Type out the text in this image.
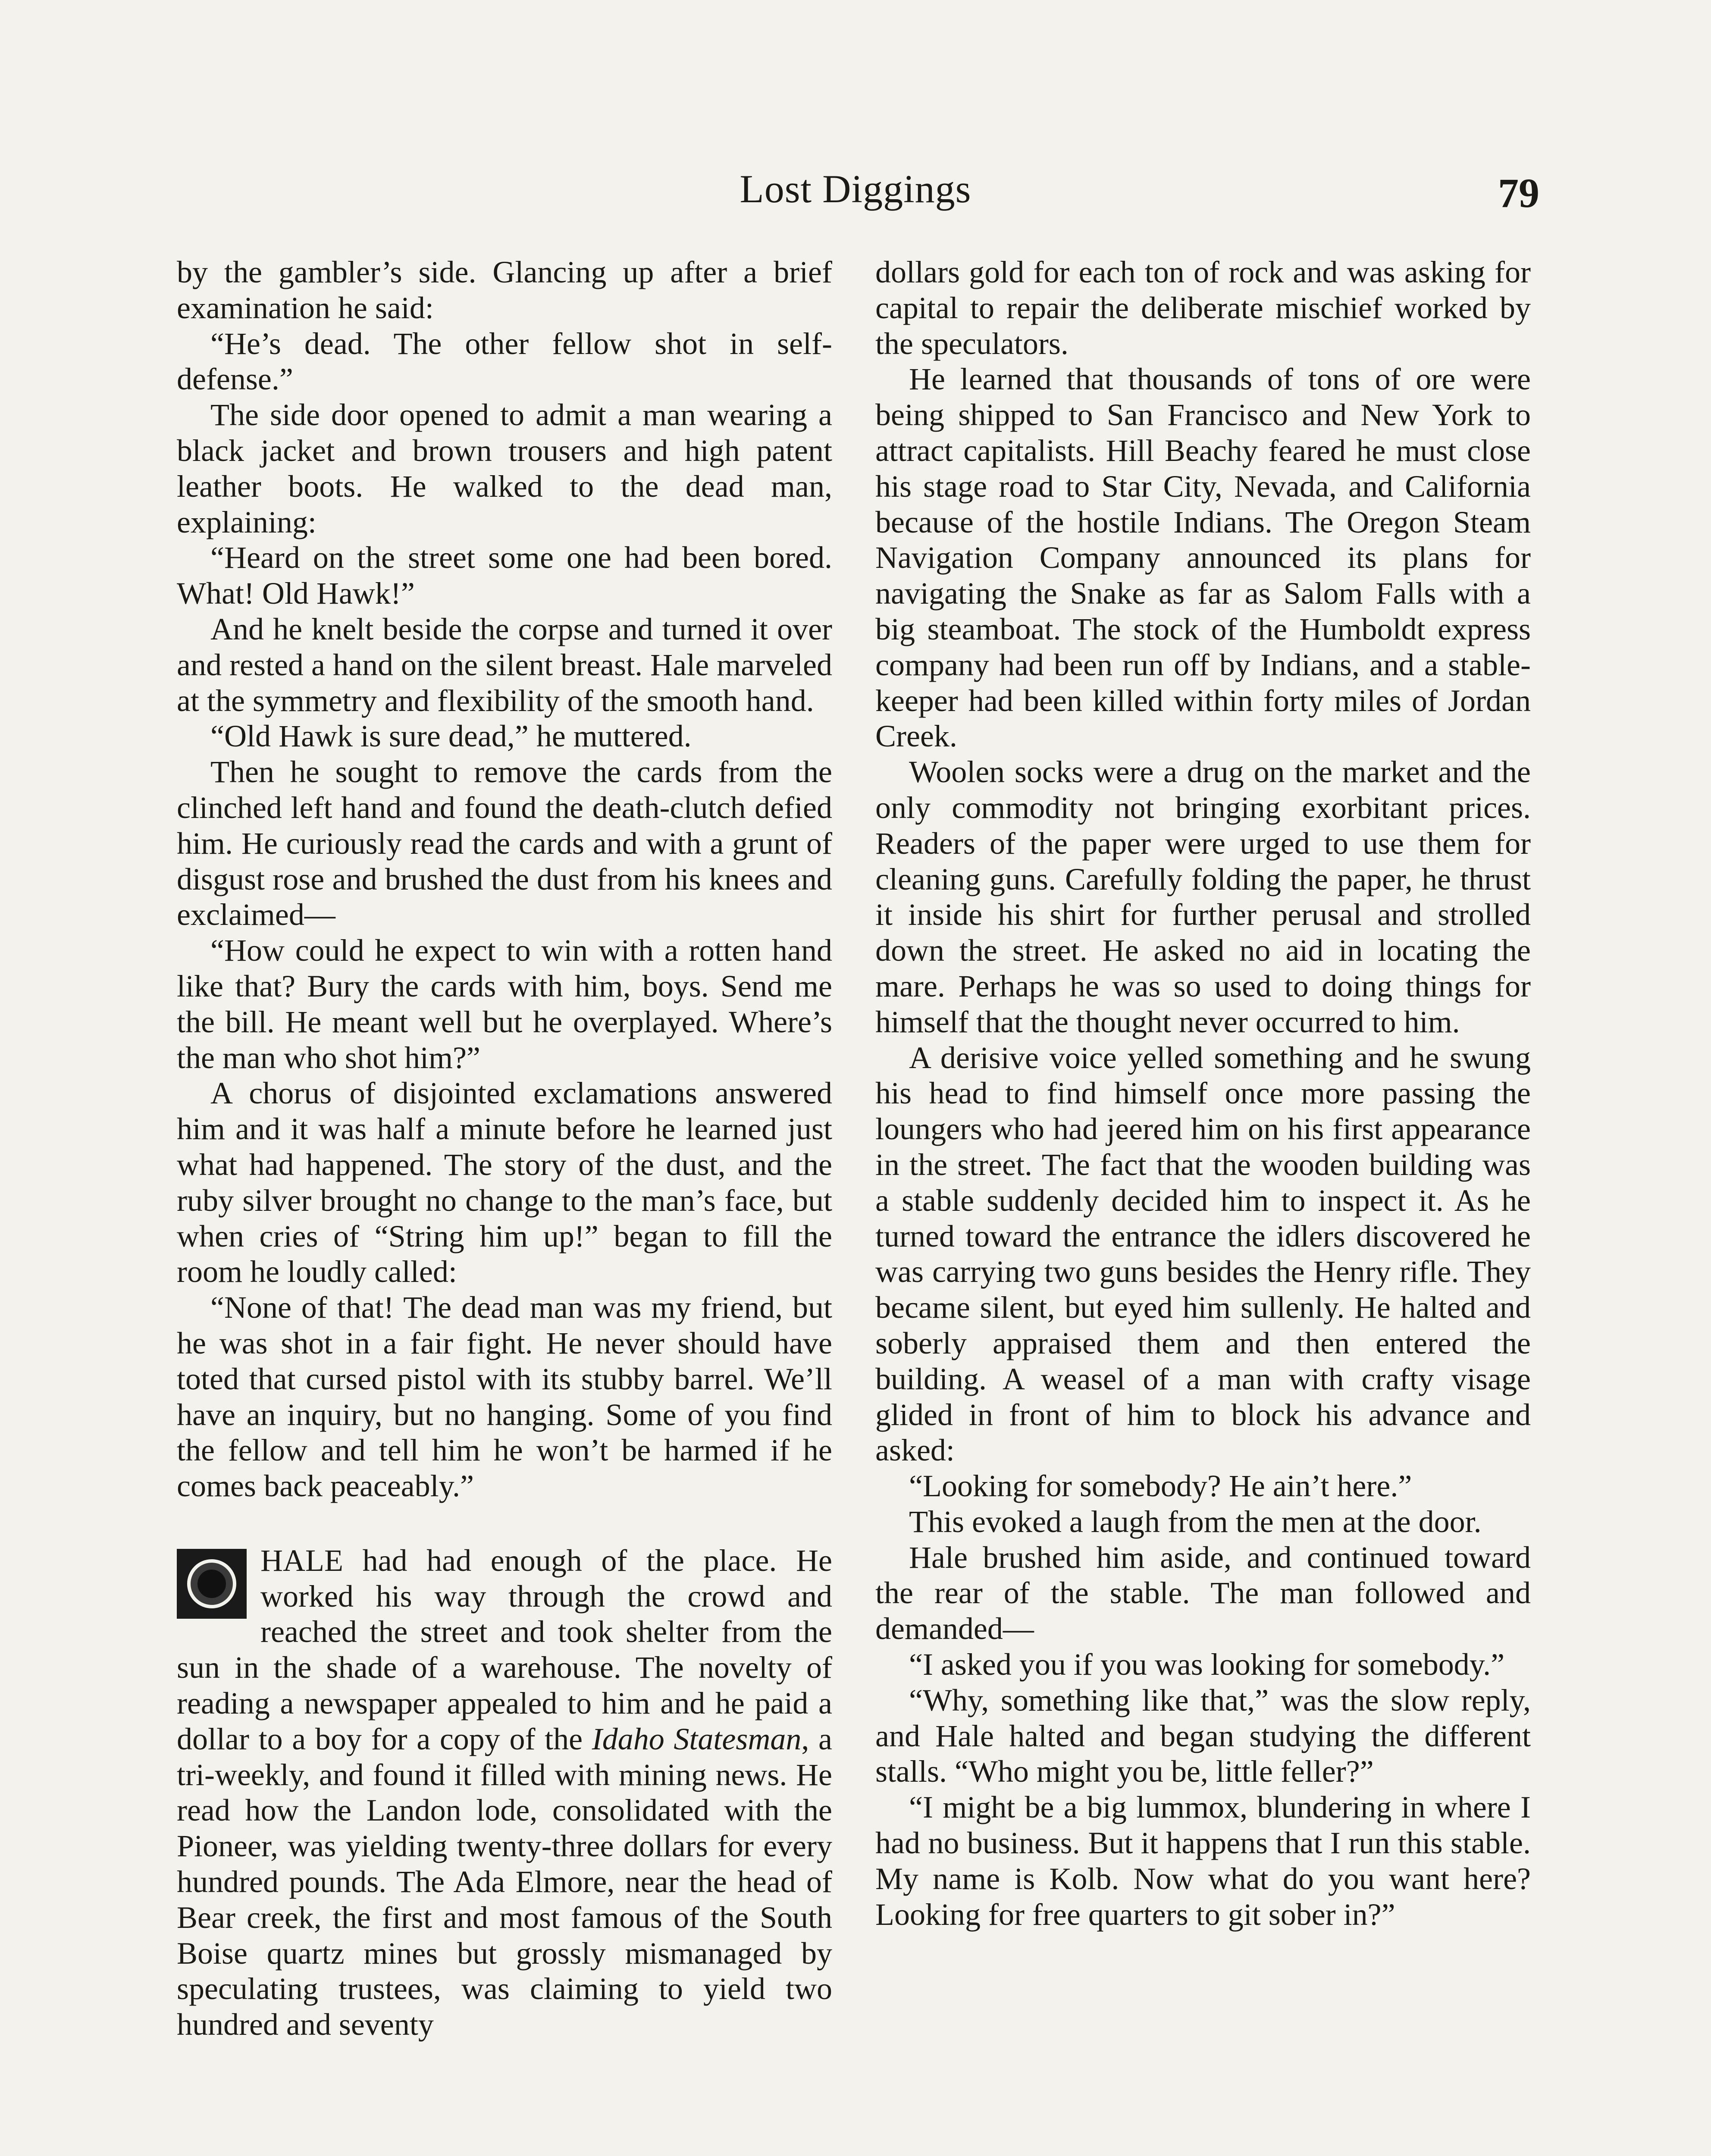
Lost Diggings	79

by the gambler’s side. Glancing up after a brief examination he said:

“He’s dead. The other fellow shot in self-defense.”

The side door opened to admit a man wearing a black jacket and brown trousers and high patent leather boots. He walked to the dead man, explaining:

“Heard on the street some one had been bored. What! Old Hawk!”

And he knelt beside the corpse and turned it over and rested a hand on the silent breast. Hale marveled at the symmetry and flexibility of the smooth hand.

“Old Hawk is sure dead,” he muttered.

Then he sought to remove the cards from the clinched left hand and found the death-clutch defied him. He curiously read the cards and with a grunt of disgust rose and brushed the dust from his knees and exclaimed—

“How could he expect to win with a rotten hand like that? Bury the cards with him, boys. Send me the bill. He meant well but he overplayed. Where’s the man who shot him?”

A chorus of disjointed exclamations answered him and it was half a minute before he learned just what had happened. The story of the dust, and the ruby silver brought no change to the man’s face, but when cries of “String him up!” began to fill the room he loudly called:

“None of that! The dead man was my friend, but he was shot in a fair fight. He never should have toted that cursed pistol with its stubby barrel. We’ll have an inquiry, but no hanging. Some of you find the fellow and tell him he won’t be harmed if he comes back peaceably.”

HALE had had enough of the place. He worked his way through the crowd and reached the street and took shelter from the sun in the shade of a warehouse. The novelty of reading a newspaper appealed to him and he paid a dollar to a boy for a copy of the Idaho Statesman, a tri-weekly, and found it filled with mining news. He read how the Landon lode, consolidated with the Pioneer, was yielding twenty-three dollars for every hundred pounds. The Ada Elmore, near the head of Bear creek, the first and most famous of the South Boise quartz mines but grossly mismanaged by speculating trustees, was claiming to yield two hundred and seventy

dollars gold for each ton of rock and was asking for capital to repair the deliberate mischief worked by the speculators.

He learned that thousands of tons of ore were being shipped to San Francisco and New York to attract capitalists. Hill Beachy feared he must close his stage road to Star City, Nevada, and California because of the hostile Indians. The Oregon Steam Navigation Company announced its plans for navigating the Snake as far as Salom Falls with a big steamboat. The stock of the Humboldt express company had been run off by Indians, and a stable-keeper had been killed within forty miles of Jordan Creek.

Woolen socks were a drug on the market and the only commodity not bringing exorbitant prices. Readers of the paper were urged to use them for cleaning guns. Carefully folding the paper, he thrust it inside his shirt for further perusal and strolled down the street. He asked no aid in locating the mare. Perhaps he was so used to doing things for himself that the thought never occurred to him.

A derisive voice yelled something and he swung his head to find himself once more passing the loungers who had jeered him on his first appearance in the street. The fact that the wooden building was a stable suddenly decided him to inspect it. As he turned toward the entrance the idlers discovered he was carrying two guns besides the Henry rifle. They became silent, but eyed him sullenly. He halted and soberly appraised them and then entered the building. A weasel of a man with crafty visage glided in front of him to block his advance and asked:

“Looking for somebody? He ain’t here.”

This evoked a laugh from the men at the door.

Hale brushed him aside, and continued toward the rear of the stable. The man followed and demanded—

“I asked you if you was looking for somebody.”

“Why, something like that,” was the slow reply, and Hale halted and began studying the different stalls. “Who might you be, little feller?”

“I might be a big lummox, blundering in where I had no business. But it happens that I run this stable. My name is Kolb. Now what do you want here? Looking for free quarters to git sober in?”
